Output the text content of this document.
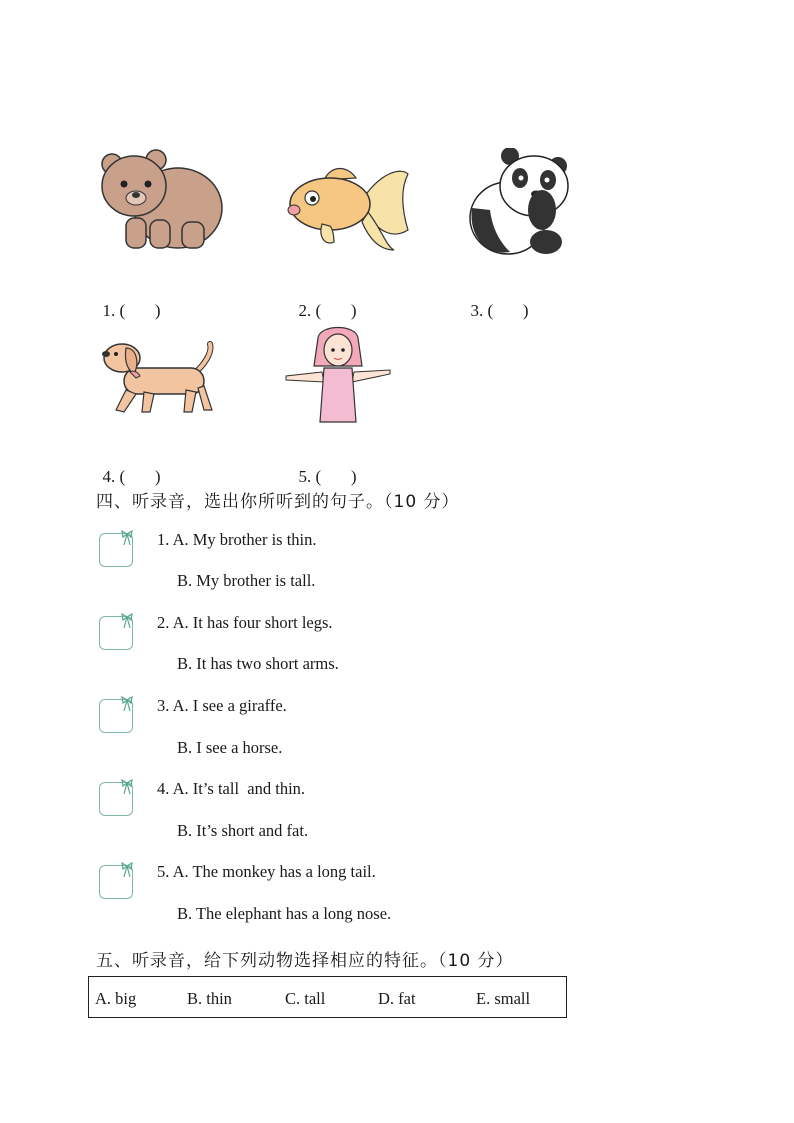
1. (       )	2. (       )	3. (       )

4. (       )	5. (       )

四、听录音，选出你所听到的句子。（10 分）
1. A. My brother is thin.
B. My brother is tall.
2. A. It has four short legs.
B. It has two short arms.
3. A. I see a giraffe.
B. I see a horse.
4. A. It’s tall  and thin.
B. It’s short and fat.
5. A. The monkey has a long tail.
B. The elephant has a long nose.
五、听录音，给下列动物选择相应的特征。（10 分）
A. big	B. thin	C. tall	D. fat	E. small
